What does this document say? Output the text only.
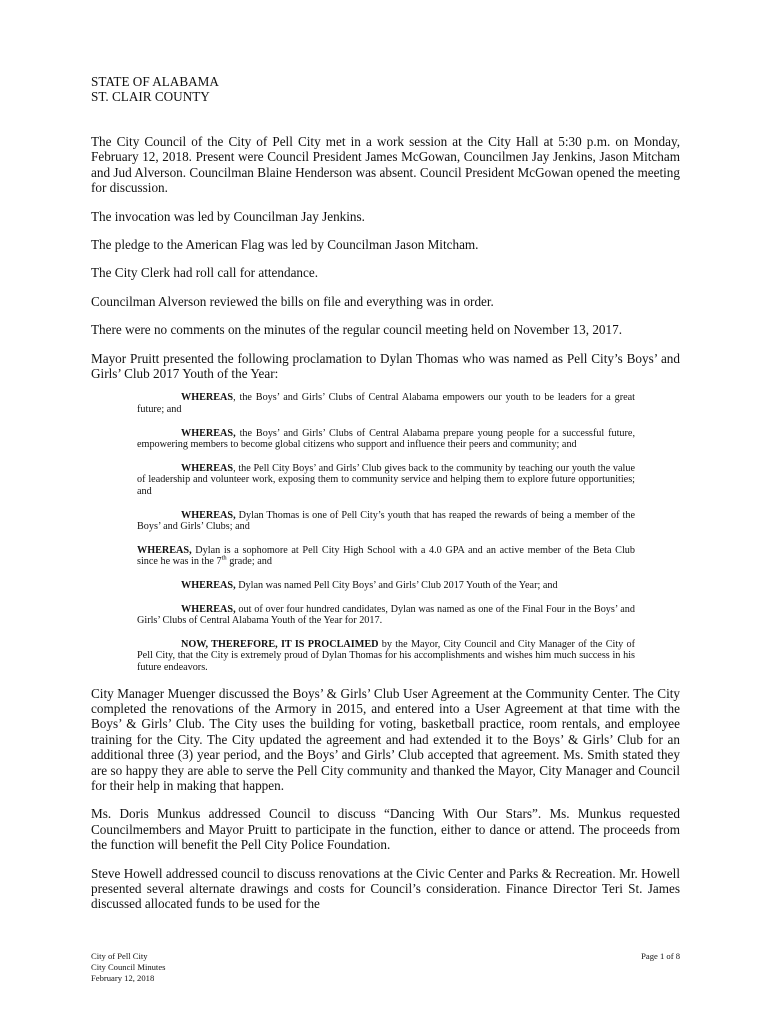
STATE OF ALABAMA

ST. CLAIR COUNTY

The City Council of the City of Pell City met in a work session at the City Hall at 5:30 p.m. on Monday, February 12, 2018. Present were Council President James McGowan, Councilmen Jay Jenkins, Jason Mitcham and Jud Alverson. Councilman Blaine Henderson was absent. Council President McGowan opened the meeting for discussion.

The invocation was led by Councilman Jay Jenkins.

The pledge to the American Flag was led by Councilman Jason Mitcham.

The City Clerk had roll call for attendance.

Councilman Alverson reviewed the bills on file and everything was in order.

There were no comments on the minutes of the regular council meeting held on November 13, 2017.

Mayor Pruitt presented the following proclamation to Dylan Thomas who was named as Pell City’s Boys’ and Girls’ Club 2017 Youth of the Year:

WHEREAS, the Boys’ and Girls’ Clubs of Central Alabama empowers our youth to be leaders for a great future; and

WHEREAS, the Boys’ and Girls’ Clubs of Central Alabama prepare young people for a successful future, empowering members to become global citizens who support and influence their peers and community; and

WHEREAS, the Pell City Boys’ and Girls’ Club gives back to the community by teaching our youth the value of leadership and volunteer work, exposing them to community service and helping them to explore future opportunities; and

WHEREAS, Dylan Thomas is one of Pell City’s youth that has reaped the rewards of being a member of the Boys’ and Girls’ Clubs; and

WHEREAS, Dylan is a sophomore at Pell City High School with a 4.0 GPA and an active member of the Beta Club since he was in the 7th grade; and

WHEREAS, Dylan was named Pell City Boys’ and Girls’ Club 2017 Youth of the Year; and

WHEREAS, out of over four hundred candidates, Dylan was named as one of the Final Four in the Boys’ and Girls’ Clubs of Central Alabama Youth of the Year for 2017.

NOW, THEREFORE, IT IS PROCLAIMED by the Mayor, City Council and City Manager of the City of Pell City, that the City is extremely proud of Dylan Thomas for his accomplishments and wishes him much success in his future endeavors.

City Manager Muenger discussed the Boys’ & Girls’ Club User Agreement at the Community Center. The City completed the renovations of the Armory in 2015, and entered into a User Agreement at that time with the Boys’ & Girls’ Club. The City uses the building for voting, basketball practice, room rentals, and employee training for the City. The City updated the agreement and had extended it to the Boys’ & Girls’ Club for an additional three (3) year period, and the Boys’ and Girls’ Club accepted that agreement. Ms. Smith stated they are so happy they are able to serve the Pell City community and thanked the Mayor, City Manager and Council for their help in making that happen.

Ms. Doris Munkus addressed Council to discuss “Dancing With Our Stars”. Ms. Munkus requested Councilmembers and Mayor Pruitt to participate in the function, either to dance or attend. The proceeds from the function will benefit the Pell City Police Foundation.

Steve Howell addressed council to discuss renovations at the Civic Center and Parks & Recreation. Mr. Howell presented several alternate drawings and costs for Council’s consideration. Finance Director Teri St. James discussed allocated funds to be used for the

City of Pell City
City Council Minutes
February 12, 2018
Page 1 of 8
